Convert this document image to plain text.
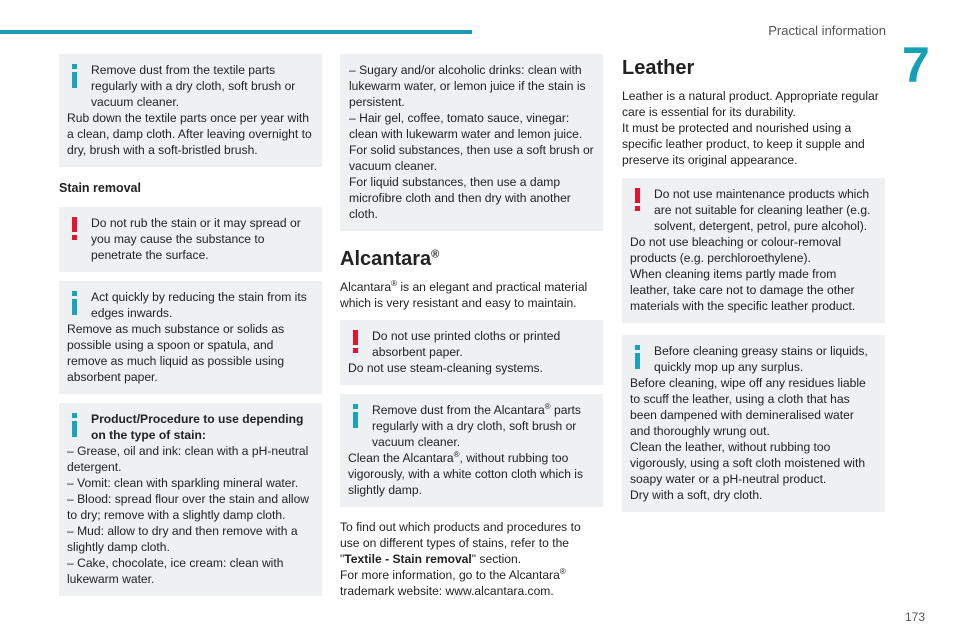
Practical information
7

Remove dust from the textile parts regularly with a dry cloth, soft brush or vacuum cleaner.

Rub down the textile parts once per year with a clean, damp cloth. After leaving overnight to dry, brush with a soft-bristled brush.

Stain removal

Do not rub the stain or it may spread or you may cause the substance to penetrate the surface.

Act quickly by reducing the stain from its edges inwards.

Remove as much substance or solids as possible using a spoon or spatula, and remove as much liquid as possible using absorbent paper.

Product/Procedure to use depending on the type of stain:

– Grease, oil and ink: clean with a pH-neutral detergent.

– Vomit: clean with sparkling mineral water.

– Blood: spread flour over the stain and allow to dry; remove with a slightly damp cloth.

– Mud: allow to dry and then remove with a slightly damp cloth.

– Cake, chocolate, ice cream: clean with lukewarm water.

– Sugary and/or alcoholic drinks: clean with lukewarm water, or lemon juice if the stain is persistent.

– Hair gel, coffee, tomato sauce, vinegar: clean with lukewarm water and lemon juice.

For solid substances, then use a soft brush or vacuum cleaner.

For liquid substances, then use a damp microfibre cloth and then dry with another cloth.

Alcantara®
Alcantara® is an elegant and practical material which is very resistant and easy to maintain.

Do not use printed cloths or printed absorbent paper.

Do not use steam-cleaning systems.

Remove dust from the Alcantara® parts regularly with a dry cloth, soft brush or vacuum cleaner.

Clean the Alcantara®, without rubbing too vigorously, with a white cotton cloth which is slightly damp.

To find out which products and procedures to use on different types of stains, refer to the "Textile - Stain removal" section.

For more information, go to the Alcantara® trademark website: www.alcantara.com.

Leather

Leather is a natural product. Appropriate regular care is essential for its durability.

It must be protected and nourished using a specific leather product, to keep it supple and preserve its original appearance.

Do not use maintenance products which are not suitable for cleaning leather (e.g. solvent, detergent, petrol, pure alcohol).

Do not use bleaching or colour-removal products (e.g. perchloroethylene).

When cleaning items partly made from leather, take care not to damage the other materials with the specific leather product.

Before cleaning greasy stains or liquids, quickly mop up any surplus.

Before cleaning, wipe off any residues liable to scuff the leather, using a cloth that has been dampened with demineralised water and thoroughly wrung out.

Clean the leather, without rubbing too vigorously, using a soft cloth moistened with soapy water or a pH-neutral product.

Dry with a soft, dry cloth.

173
